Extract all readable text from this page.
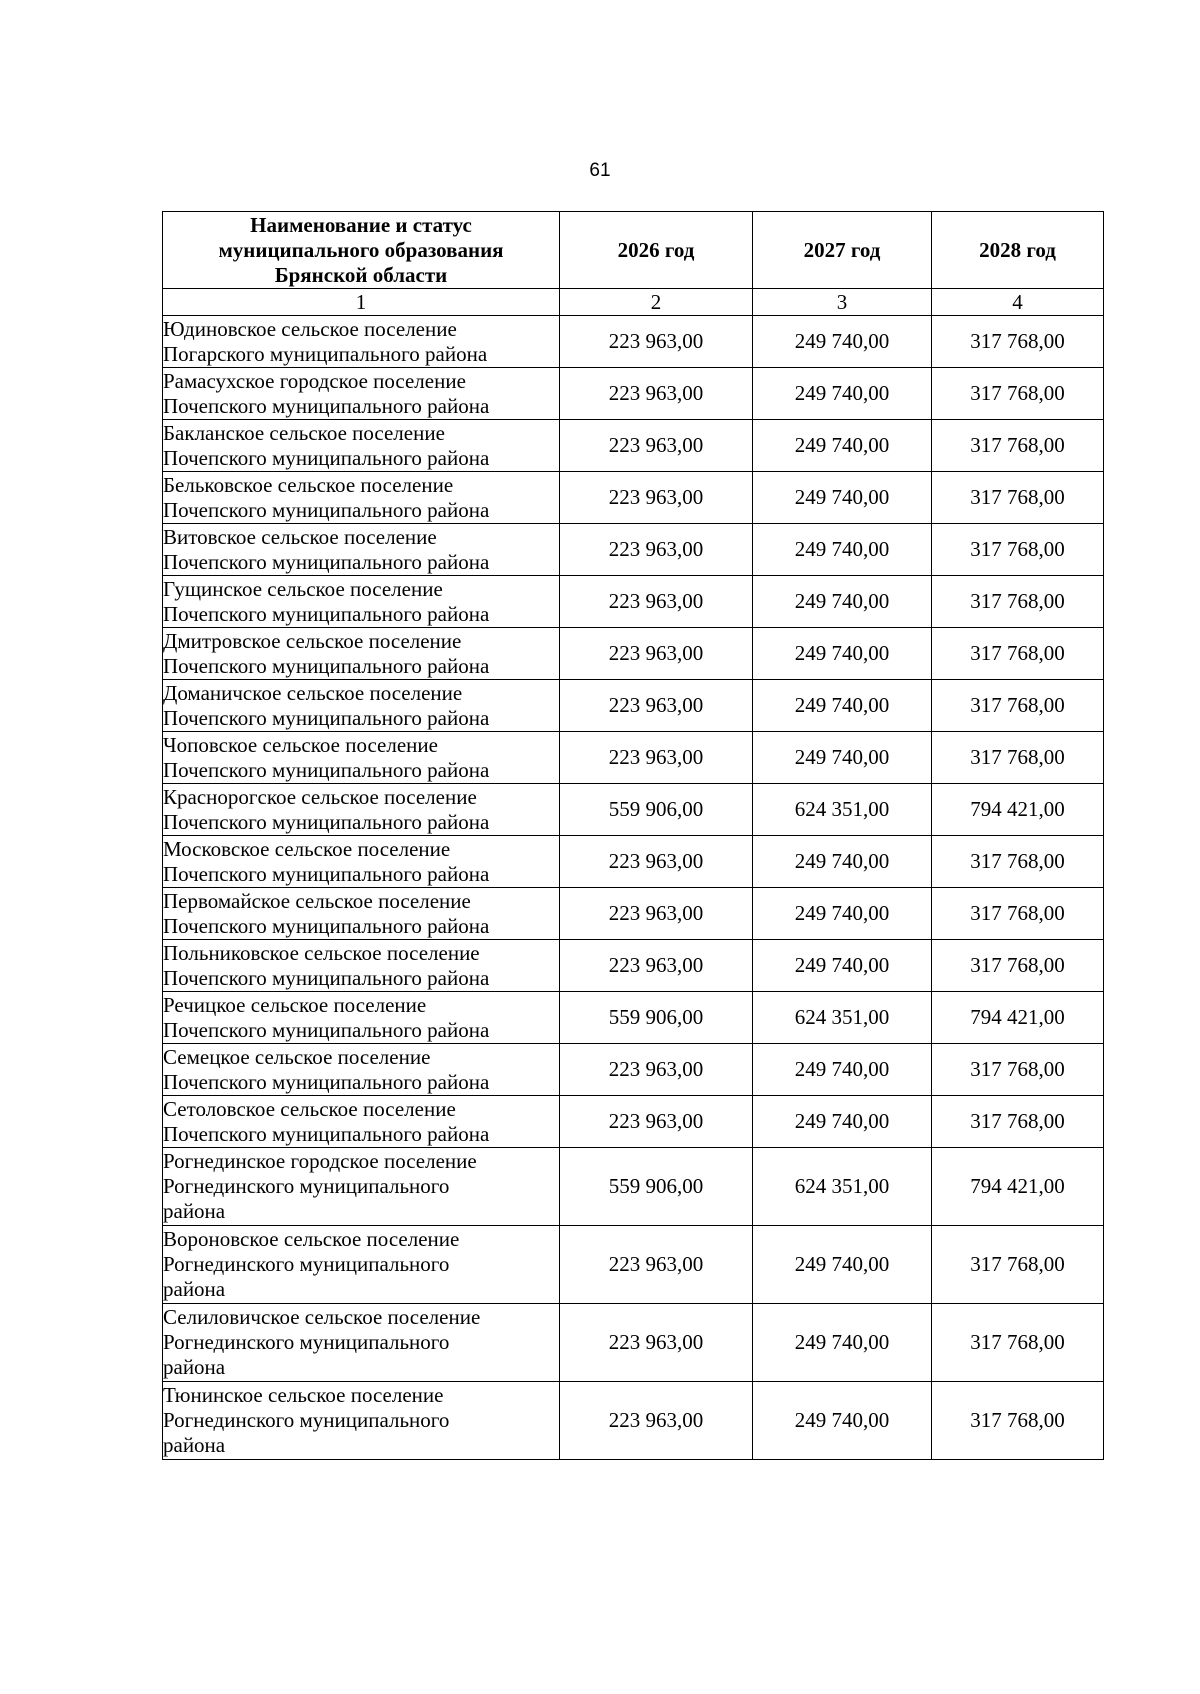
61
Наименование и статус муниципального образования Брянской области	2026 год	2027 год	2028 год
1	2	3	4

Юдиновское сельское поселение
Погарского муниципального района	223 963,00	249 740,00	317 768,00

Рамасухское городское поселение
Почепского муниципального района	223 963,00	249 740,00	317 768,00

Бакланское сельское поселение
Почепского муниципального района	223 963,00	249 740,00	317 768,00

Бельковское сельское поселение
Почепского муниципального района	223 963,00	249 740,00	317 768,00

Витовское сельское поселение
Почепского муниципального района	223 963,00	249 740,00	317 768,00

Гущинское сельское поселение
Почепского муниципального района	223 963,00	249 740,00	317 768,00

Дмитровское сельское поселение
Почепского муниципального района	223 963,00	249 740,00	317 768,00

Доманичское сельское поселение
Почепского муниципального района	223 963,00	249 740,00	317 768,00

Чоповское сельское поселение
Почепского муниципального района	223 963,00	249 740,00	317 768,00

Краснорогское сельское поселение
Почепского муниципального района	559 906,00	624 351,00	794 421,00

Московское сельское поселение
Почепского муниципального района	223 963,00	249 740,00	317 768,00

Первомайское сельское поселение
Почепского муниципального района	223 963,00	249 740,00	317 768,00

Польниковское сельское поселение
Почепского муниципального района	223 963,00	249 740,00	317 768,00

Речицкое сельское поселение
Почепского муниципального района	559 906,00	624 351,00	794 421,00

Семецкое сельское поселение
Почепского муниципального района	223 963,00	249 740,00	317 768,00

Сетоловское сельское поселение
Почепского муниципального района	223 963,00	249 740,00	317 768,00

Рогнединское городское поселение
Рогнединского муниципального
района	559 906,00	624 351,00	794 421,00

Вороновское сельское поселение
Рогнединского муниципального
района	223 963,00	249 740,00	317 768,00

Селиловичское сельское поселение
Рогнединского муниципального
района	223 963,00	249 740,00	317 768,00

Тюнинское сельское поселение
Рогнединского муниципального
района	223 963,00	249 740,00	317 768,00
